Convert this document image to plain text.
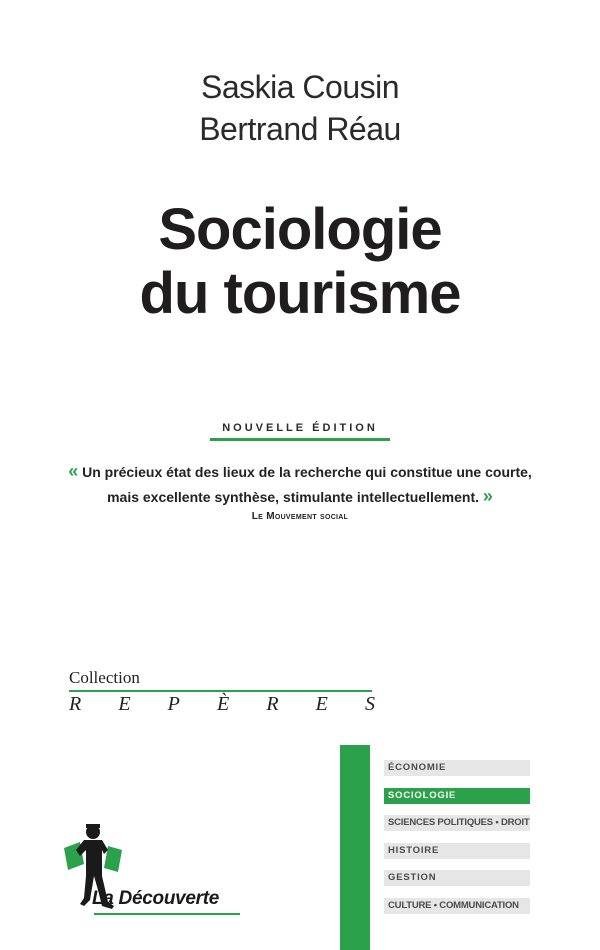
Saskia Cousin
Bertrand Réau
Sociologie
du tourisme
NOUVELLE ÉDITION
« Un précieux état des lieux de la recherche qui constitue une courte,
mais excellente synthèse, stimulante intellectuellement. »
Le Mouvement social
Collection
R E P È R E S
ÉCONOMIE
SOCIOLOGIE
SCIENCES POLITIQUES • DROIT
HISTOIRE
GESTION
CULTURE • COMMUNICATION
La Découverte
